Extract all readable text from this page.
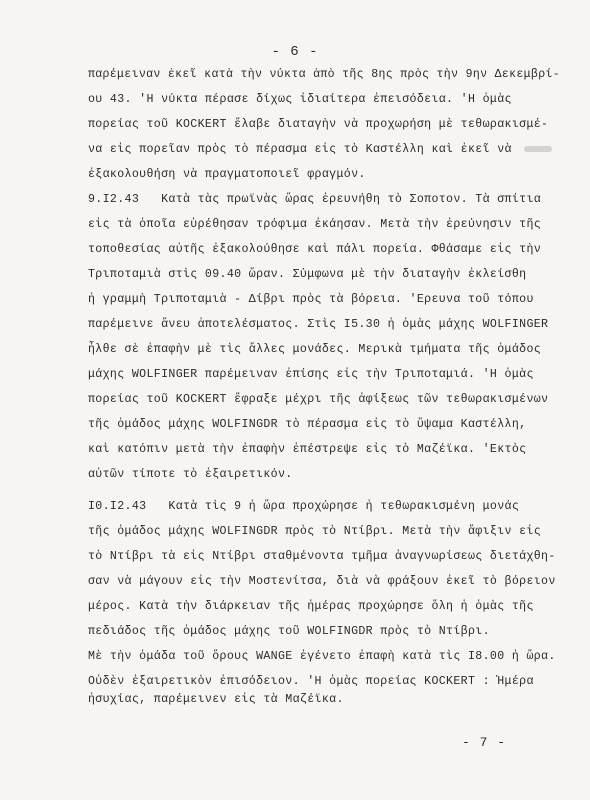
- 6 -
παρέμειναν ἐκεῖ κατὰ τὴν νύκτα ἀπὸ τῆς 8ης πρὸς τὴν 9ην Δεκεμβρί-
ου 43. 'Η νύκτα πέρασε δίχως ἰδιαίτερα ἐπεισόδεια. 'Η ὁμὰς
πορείας τοῦ KOCKERT ἔλαβε διαταγὴν νὰ προχωρήση μὲ τεθωρακισμέ-
να εἰς πορεῖαν πρὸς τὸ πέρασμα εἰς τὸ Καστέλλη καὶ ἐκεῖ νὰ
ἐξακολουθήση νὰ πραγματοποιεῖ φραγμόν.
9.I2.43   Κατὰ τὰς πρωϊνὰς ὥρας ἐρευνήθη τὸ Σοποτον. Τὰ σπίτια
εἰς τὰ ὁποῖα εὑρέθησαν τρόφιμα ἐκάησαν. Μετὰ τὴν ἐρεύνησιν τῆς
τοποθεσίας αὐτῆς ἐξακολούθησε καὶ πάλι πορεία. Φθάσαμε εἰς τὴν
Τριποταμιὰ στὶς 09.40 ὥραν. Σύμφωνα μὲ τὴν διαταγὴν ἐκλείσθη
ἡ γραμμὴ Τριποταμιὰ - Δίβρι πρὸς τὰ βόρεια. 'Ερευνα τοῦ τόπου
παρέμεινε ἄνευ ἀποτελέσματος. Στὶς I5.30 ἡ ὁμὰς μάχης WOLFINGER
ἦλθε σὲ ἐπαφὴν μὲ τὶς ἄλλες μονάδες. Μερικὰ τμήματα τῆς ὁμάδος
μάχης WOLFINGER παρέμειναν ἐπίσης εἰς τὴν Τριποταμιά. 'Η ὁμὰς
πορείας τοῦ KOCKERT ἔφραξε μέχρι τῆς ἀφίξεως τῶν τεθωρακισμένων
τῆς ὁμάδος μάχης WOLFINGDR τὸ πέρασμα εἰς τὸ ὕψαμα Καστέλλη,
καὶ κατόπιν μετὰ τὴν ἐπαφὴν ἐπέστρεψε εἰς τὸ Μαζέϊκα. 'Εκτὸς
αὐτῶν τίποτε τὸ ἐξαιρετικόν.
I0.I2.43   Κατὰ τὶς 9 ἡ ὥρα προχώρησε ἡ τεθωρακισμένη μονάς
τῆς ὁμάδος μάχης WOLFINGDR πρὸς τὸ Ντίβρι. Μετὰ τὴν ἄφιξιν εἰς
τὸ Ντίβρι τὰ εἰς Ντίβρι σταθμένοντα τμῆμα ἀναγνωρίσεως διετάχθη-
σαν νὰ μάγουν εἰς τὴν Μοστενίτσα, διὰ νὰ φράξουν ἐκεῖ τὸ βόρειον
μέρος. Κατὰ τὴν διάρκειαν τῆς ἡμέρας προχώρησε ὅλη ἡ ὁμὰς τῆς
πεδιάδος τῆς ὁμάδος μάχης τοῦ WOLFINGDR πρὸς τὸ Ντίβρι.
Μὲ τὴν ὁμάδα τοῦ ὅρους WANGE ἐγένετο ἐπαφὴ κατὰ τὶς I8.00 ἡ ὥρα.
Οὐδὲν ἐξαιρετικὸν ἐπισόδειον. 'Η ὁμὰς πορείας KOCKERT : Ἡμέρα
ἡσυχίας, παρέμεινεν εἰς τὰ Μαζέϊκα.
- 7 -
